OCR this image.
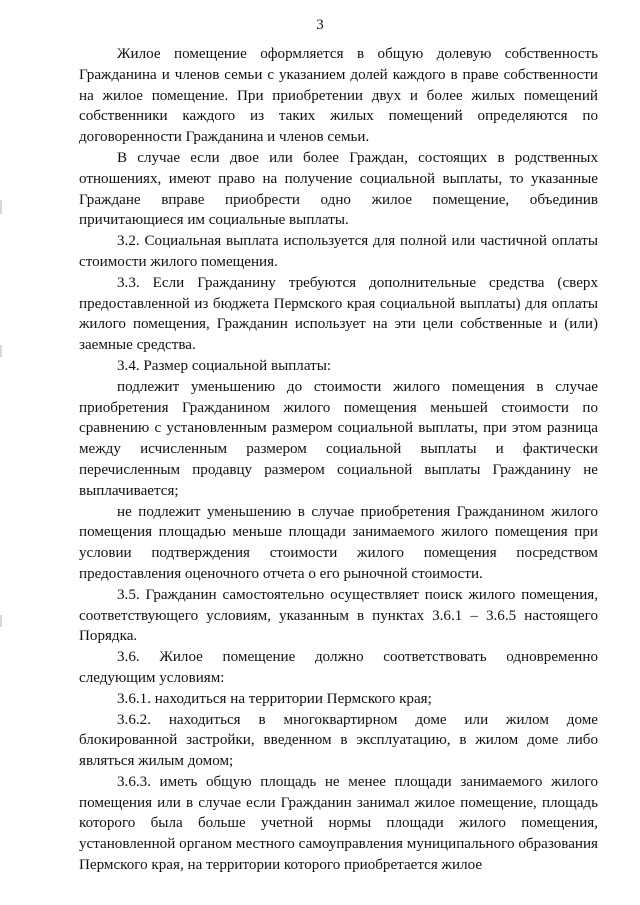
3

Жилое помещение оформляется в общую долевую собственность Гражданина и членов семьи с указанием долей каждого в праве собственности на жилое помещение. При приобретении двух и более жилых помещений собственники каждого из таких жилых помещений определяются по договоренности Гражданина и членов семьи.

В случае если двое или более Граждан, состоящих в родственных отношениях, имеют право на получение социальной выплаты, то указанные Граждане вправе приобрести одно жилое помещение, объединив причитающиеся им социальные выплаты.

3.2. Социальная выплата используется для полной или частичной оплаты стоимости жилого помещения.

3.3. Если Гражданину требуются дополнительные средства (сверх предоставленной из бюджета Пермского края социальной выплаты) для оплаты жилого помещения, Гражданин использует на эти цели собственные и (или) заемные средства.

3.4. Размер социальной выплаты:

подлежит уменьшению до стоимости жилого помещения в случае приобретения Гражданином жилого помещения меньшей стоимости по сравнению с установленным размером социальной выплаты, при этом разница между исчисленным размером социальной выплаты и фактически перечисленным продавцу размером социальной выплаты Гражданину не выплачивается;

не подлежит уменьшению в случае приобретения Гражданином жилого помещения площадью меньше площади занимаемого жилого помещения при условии подтверждения стоимости жилого помещения посредством предоставления оценочного отчета о его рыночной стоимости.

3.5. Гражданин самостоятельно осуществляет поиск жилого помещения, соответствующего условиям, указанным в пунктах 3.6.1 – 3.6.5 настоящего Порядка.

3.6. Жилое помещение должно соответствовать одновременно следующим условиям:

3.6.1. находиться на территории Пермского края;

3.6.2. находиться в многоквартирном доме или жилом доме блокированной застройки, введенном в эксплуатацию, в жилом доме либо являться жилым домом;

3.6.3. иметь общую площадь не менее площади занимаемого жилого помещения или в случае если Гражданин занимал жилое помещение, площадь которого была больше учетной нормы площади жилого помещения, установленной органом местного самоуправления муниципального образования Пермского края, на территории которого приобретается жилое
